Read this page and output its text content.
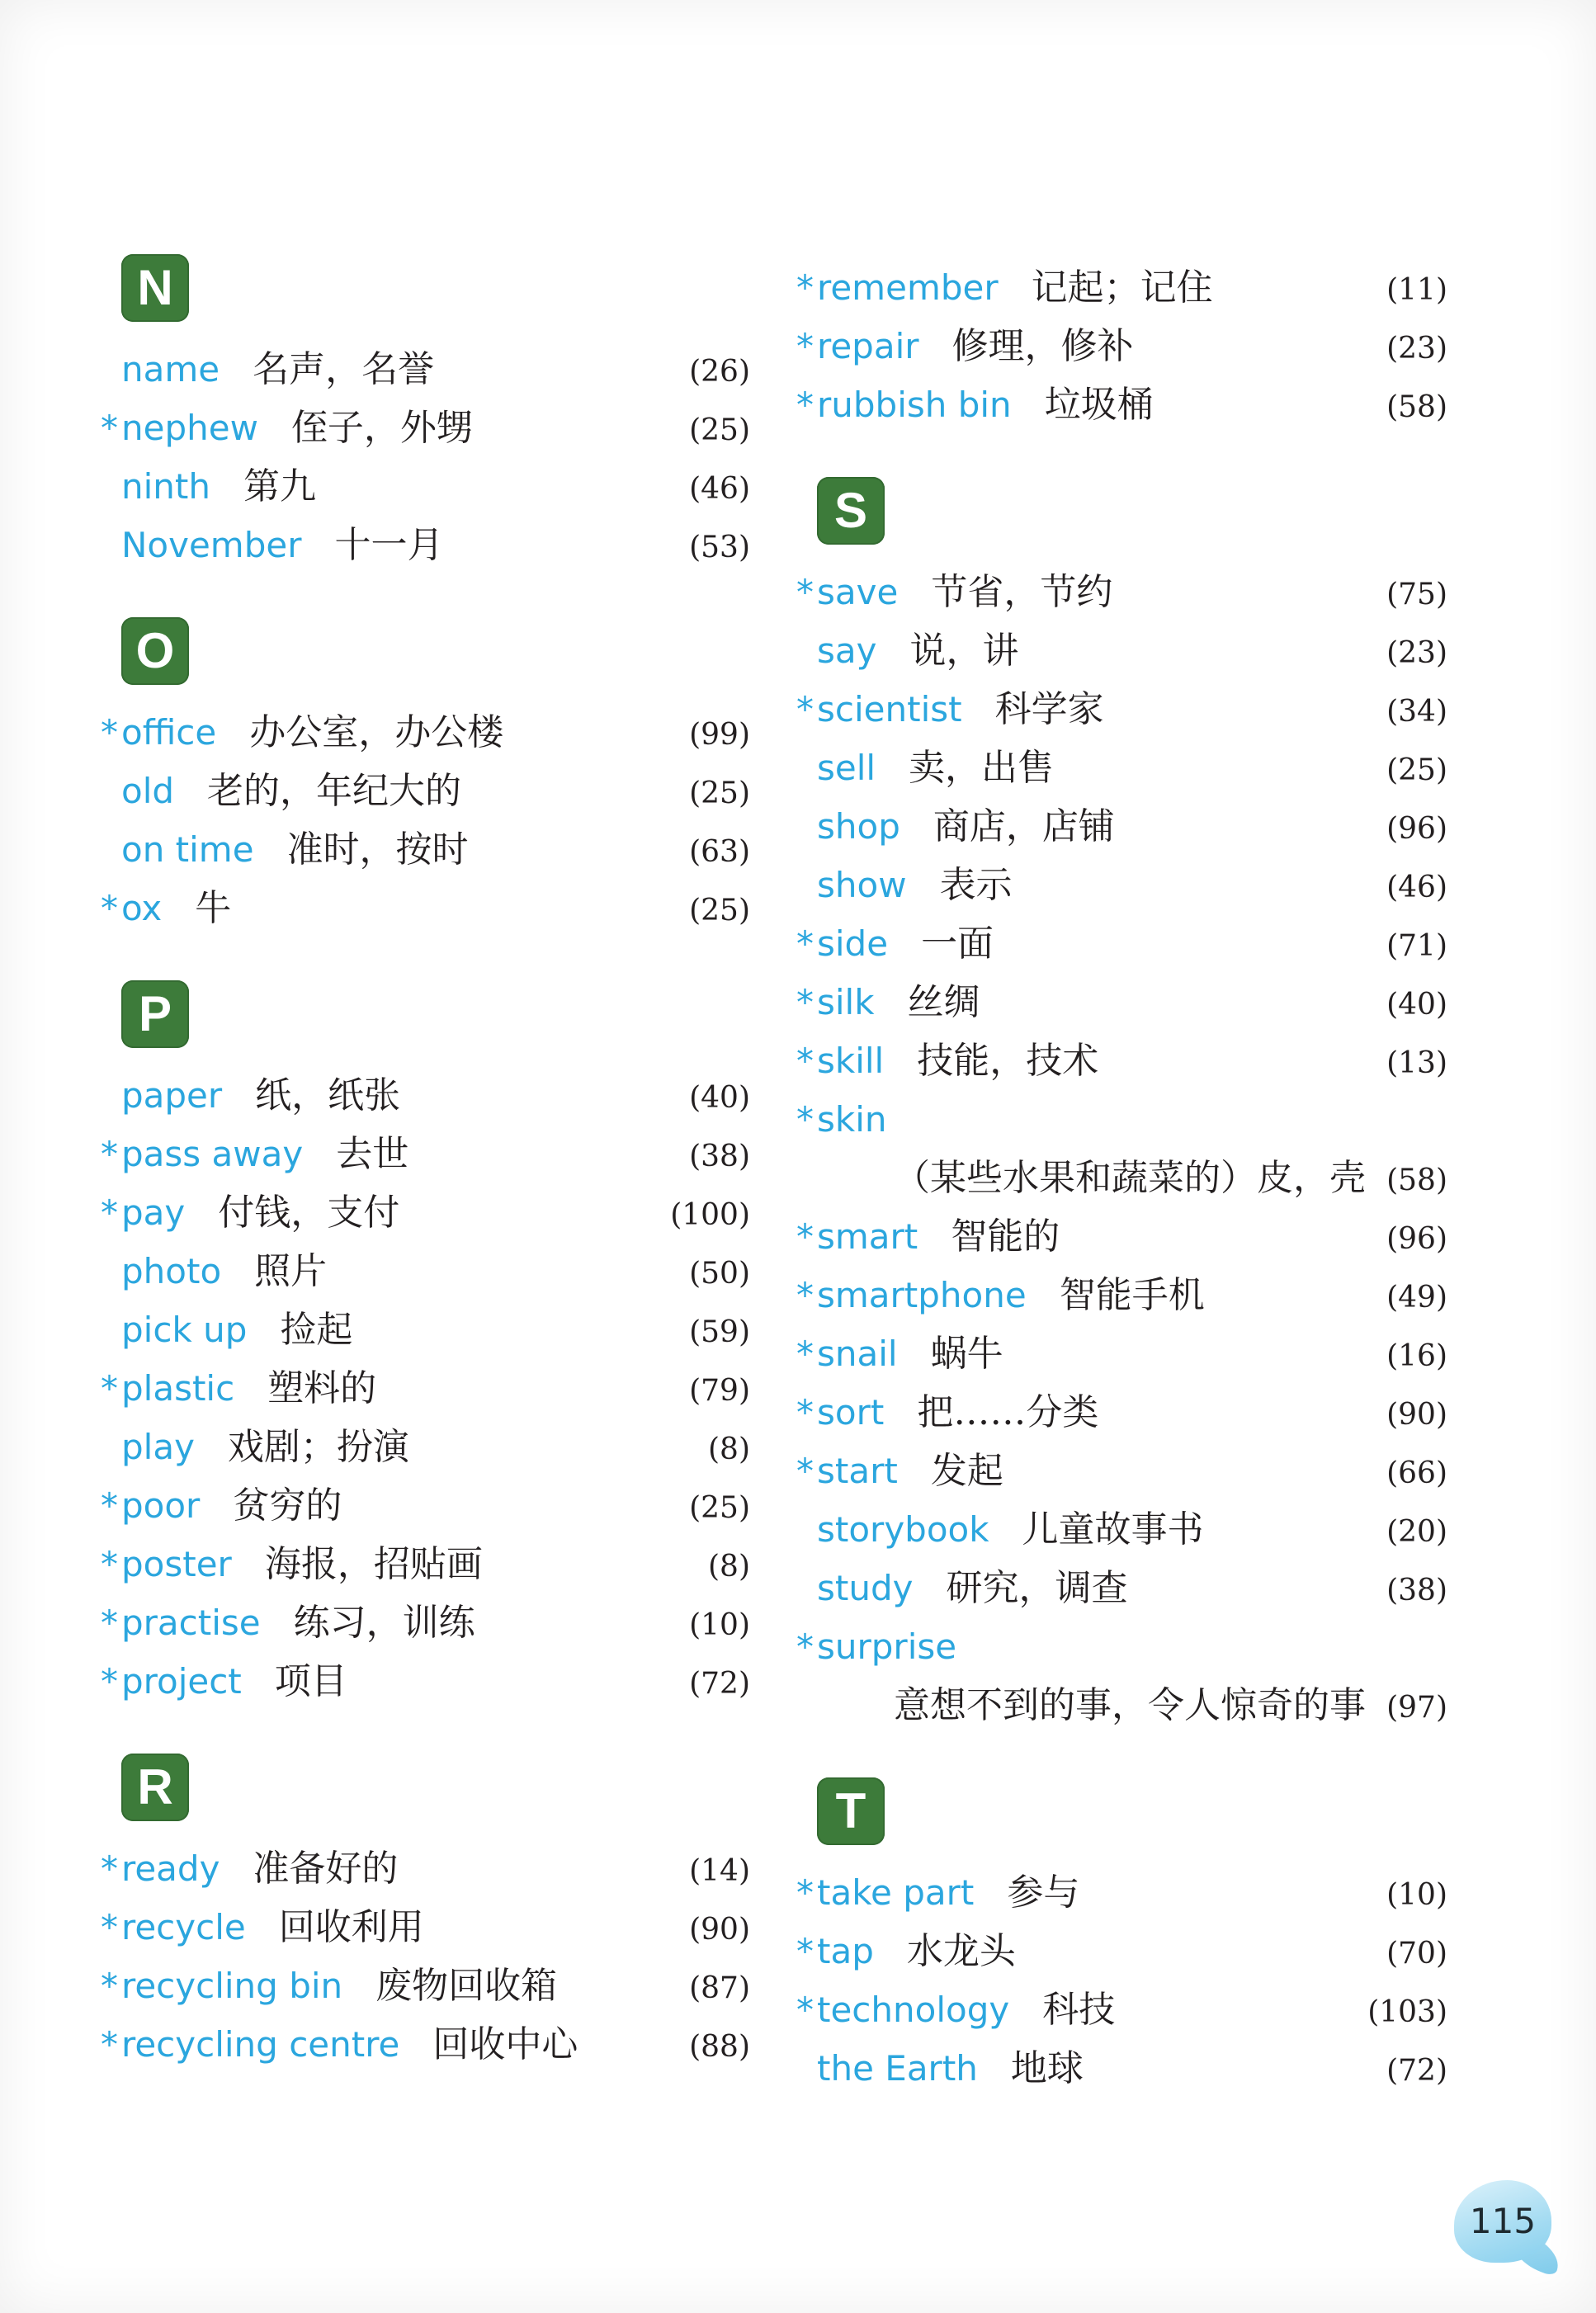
N
name 名声，名誉	(26)
* nephew 侄子，外甥	(25)
ninth 第九	(46)
November 十一月	(53)
O
* office 办公室，办公楼	(99)
old 老的，年纪大的	(25)
on time 准时，按时	(63)
* ox 牛	(25)
P
paper 纸，纸张	(40)
* pass away 去世	(38)
* pay 付钱，支付	(100)
photo 照片	(50)
pick up 捡起	(59)
* plastic 塑料的	(79)
play 戏剧；扮演	(8)
* poor 贫穷的	(25)
* poster 海报，招贴画	(8)
* practise 练习，训练	(10)
* project 项目	(72)
R
* ready 准备好的	(14)
* recycle 回收利用	(90)
* recycling bin 废物回收箱	(87)
* recycling centre 回收中心	(88)
* remember 记起；记住	(11)
* repair 修理，修补	(23)
* rubbish bin 垃圾桶	(58)
S
* save 节省，节约	(75)
say 说，讲	(23)
* scientist 科学家	(34)
sell 卖，出售	(25)
shop 商店，店铺	(96)
show 表示	(46)
* side 一面	(71)
* silk 丝绸	(40)
* skill 技能，技术	(13)
* skin
（某些水果和蔬菜的）皮，壳 (58)
* smart 智能的	(96)
* smartphone 智能手机	(49)
* snail 蜗牛	(16)
* sort 把……分类	(90)
* start 发起	(66)
storybook 儿童故事书	(20)
study 研究，调查	(38)
* surprise
意想不到的事，令人惊奇的事 (97)
T
* take part 参与	(10)
* tap 水龙头	(70)
* technology 科技	(103)
the Earth 地球	(72)
115
